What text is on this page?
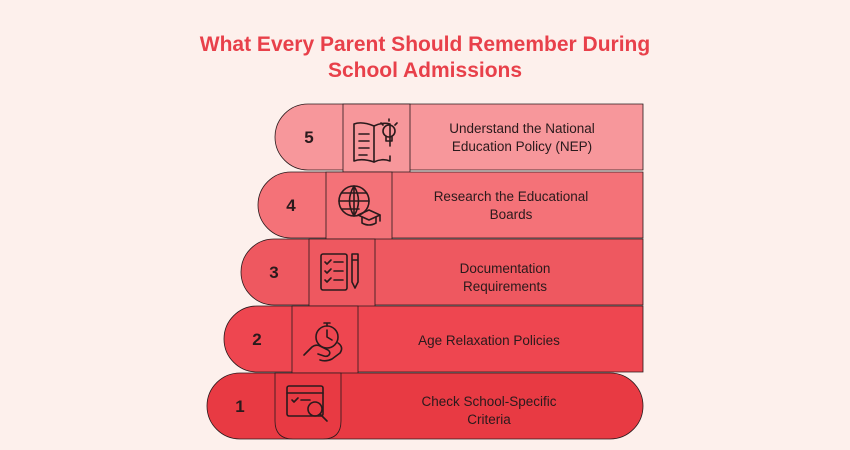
What Every Parent Should Remember During
School Admissions
5	Understand the National
Education Policy (NEP)
4	Research the Educational
Boards
3	Documentation
Requirements
2	Age Relaxation Policies
1	Check School-Specific
Criteria
